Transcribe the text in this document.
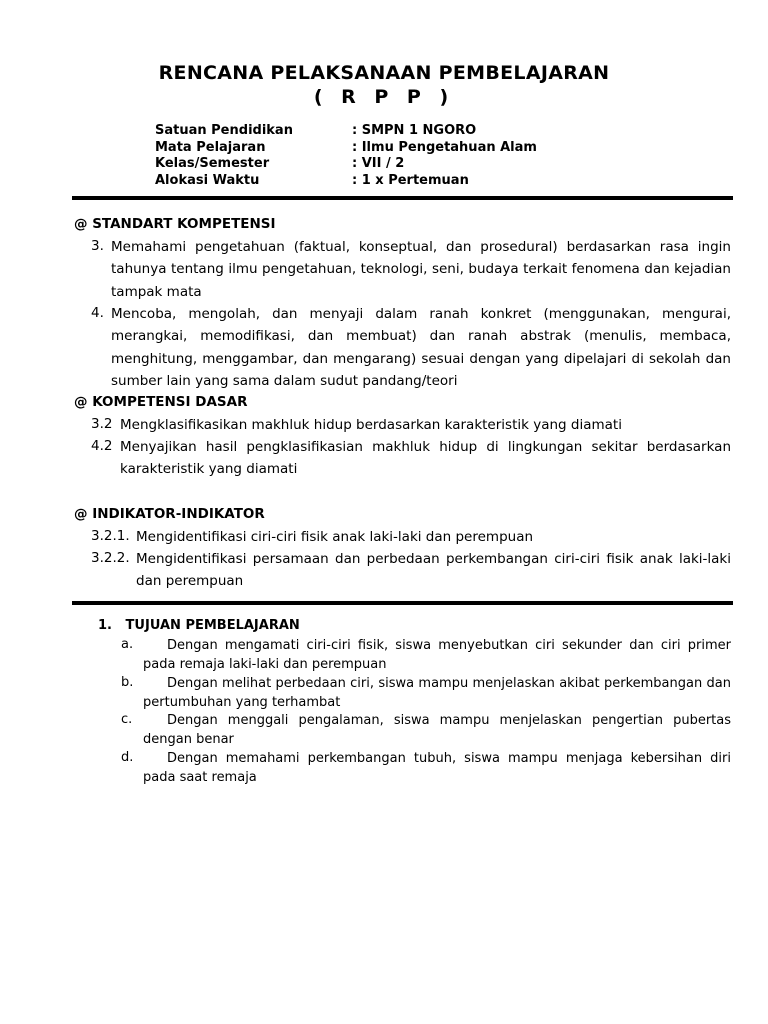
RENCANA PELAKSANAAN PEMBELAJARAN
( R P P )
Satuan Pendidikan	: SMPN 1 NGORO
Mata Pelajaran	: Ilmu Pengetahuan Alam
Kelas/Semester	: VII / 2
Alokasi Waktu	: 1 x Pertemuan
@ STANDART KOMPETENSI
3. Memahami pengetahuan (faktual, konseptual, dan prosedural) berdasarkan rasa ingin tahunya tentang ilmu pengetahuan, teknologi, seni, budaya terkait fenomena dan kejadian tampak mata
4. Mencoba, mengolah, dan menyaji dalam ranah konkret (menggunakan, mengurai, merangkai, memodifikasi, dan membuat) dan ranah abstrak (menulis, membaca, menghitung, menggambar, dan mengarang) sesuai dengan yang dipelajari di sekolah dan sumber lain yang sama dalam sudut pandang/teori
@ KOMPETENSI DASAR
3.2 Mengklasifikasikan makhluk hidup berdasarkan karakteristik yang diamati
4.2 Menyajikan hasil pengklasifikasian makhluk hidup di lingkungan sekitar berdasarkan karakteristik yang diamati
@ INDIKATOR-INDIKATOR
3.2.1. Mengidentifikasi ciri-ciri fisik anak laki-laki dan perempuan
3.2.2. Mengidentifikasi persamaan dan perbedaan perkembangan ciri-ciri fisik anak laki-laki dan perempuan
1.   TUJUAN PEMBELAJARAN
a.	Dengan mengamati ciri-ciri fisik, siswa menyebutkan ciri sekunder dan ciri primer pada remaja laki-laki dan perempuan
b.	Dengan melihat perbedaan ciri, siswa mampu menjelaskan akibat perkembangan dan pertumbuhan yang terhambat
c.	Dengan menggali pengalaman, siswa mampu menjelaskan pengertian pubertas dengan benar
d.	Dengan memahami perkembangan tubuh, siswa mampu menjaga kebersihan diri pada saat remaja
